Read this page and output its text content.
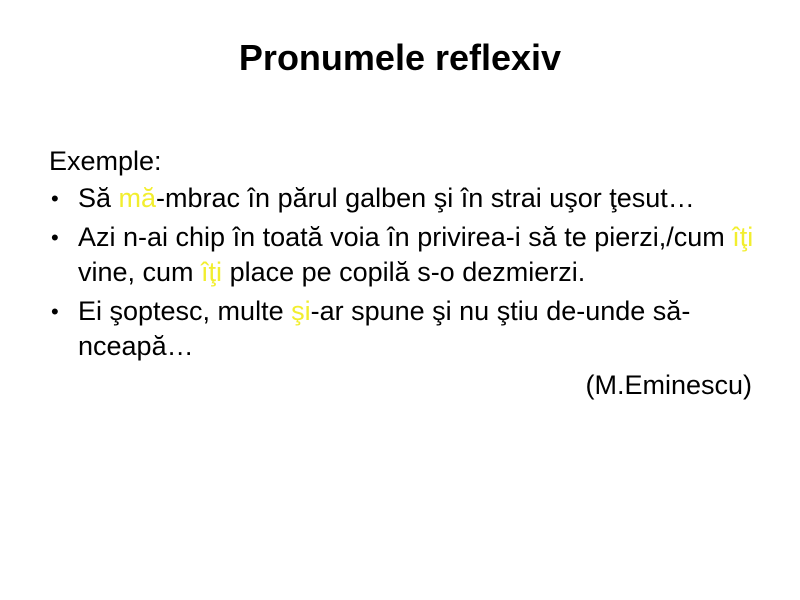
Pronumele reflexiv
Exemple:
• Să mă-mbrac în părul galben şi în strai uşor ţesut…
• Azi n-ai chip în toată voia în privirea-i să te pierzi,/cum îţi vine, cum îţi place pe copilă s-o dezmierzi.
• Ei şoptesc, multe şi-ar spune şi nu ştiu de-unde să-nceapă…
(M.Eminescu)
